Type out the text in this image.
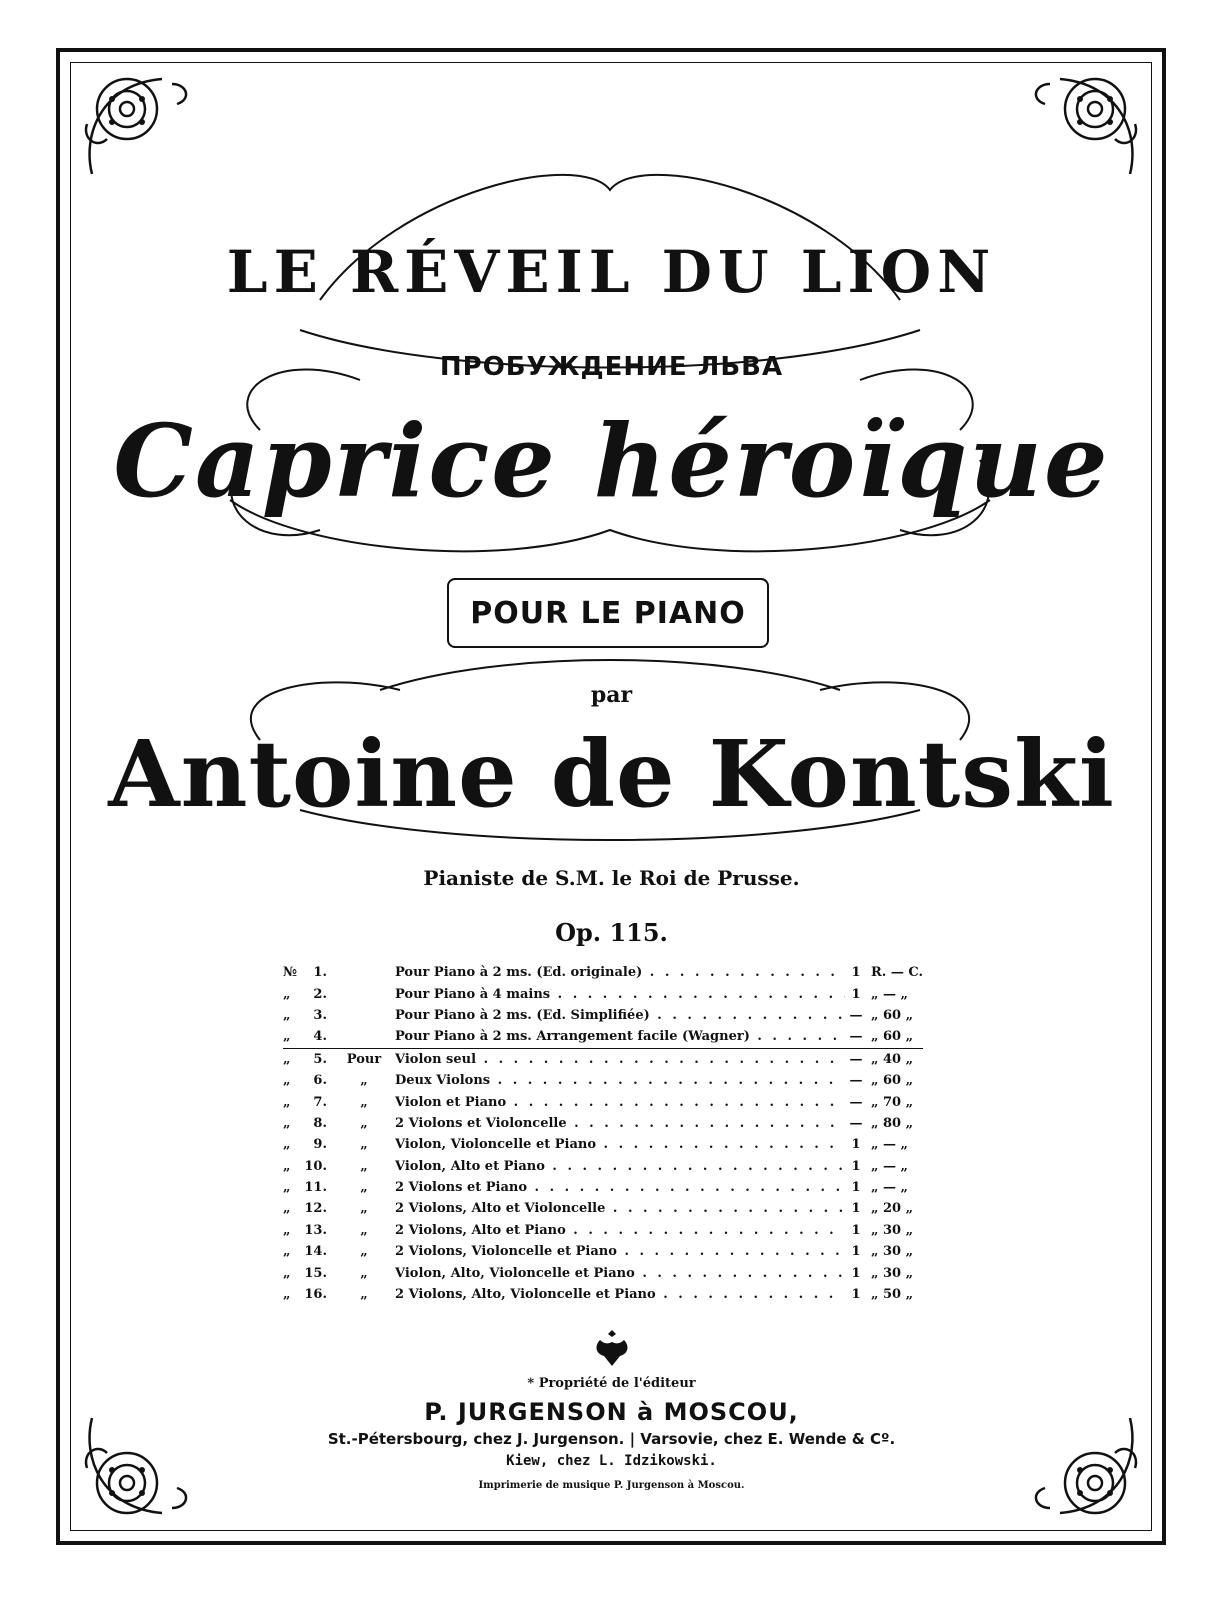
LE RÉVEIL DU LION
ПРОБУЖДЕНИЕ ЛЬВА
Caprice héroïque
POUR LE PIANO
par
Antoine de Kontski
Pianiste de S.M. le Roi de Prusse.
Op. 115.
№	1.	Pour Piano à 2 ms. (Ed. originale) . . .	1 R. — C.
„	2.	Pour Piano à 4 mains . . .	1 „ — „
„	3.	Pour Piano à 2 ms. (Ed. Simplifiée) . . .	— „ 60 „
„	4.	Pour Piano à 2 ms. Arrangement facile (Wagner) . . .	— „ 60 „
„	5.	Pour	Violon seul . . .	— „ 40 „
„	6.	„	Deux Violons . . .	— „ 60 „
„	7.	„	Violon et Piano . . .	— „ 70 „
„	8.	„	2 Violons et Violoncelle . . .	— „ 80 „
„	9.	„	Violon, Violoncelle et Piano . . .	1 „ — „
„	10.	„	Violon, Alto et Piano . . .	1 „ — „
„	11.	„	2 Violons et Piano . . .	1 „ — „
„	12.	„	2 Violons, Alto et Violoncelle . . .	1 „ 20 „
„	13.	„	2 Violons, Alto et Piano . . .	1 „ 30 „
„	14.	„	2 Violons, Violoncelle et Piano . . .	1 „ 30 „
„	15.	„	Violon, Alto, Violoncelle et Piano . . .	1 „ 30 „
„	16.	„	2 Violons, Alto, Violoncelle et Piano . . .	1 „ 50 „
* Propriété de l'éditeur
P. JURGENSON à MOSCOU,
St.-Pétersbourg, chez J. Jurgenson. | Varsovie, chez E. Wende & Cº.
Kiew, chez L. Idzikowski.
Imprimerie de musique P. Jurgenson à Moscou.
